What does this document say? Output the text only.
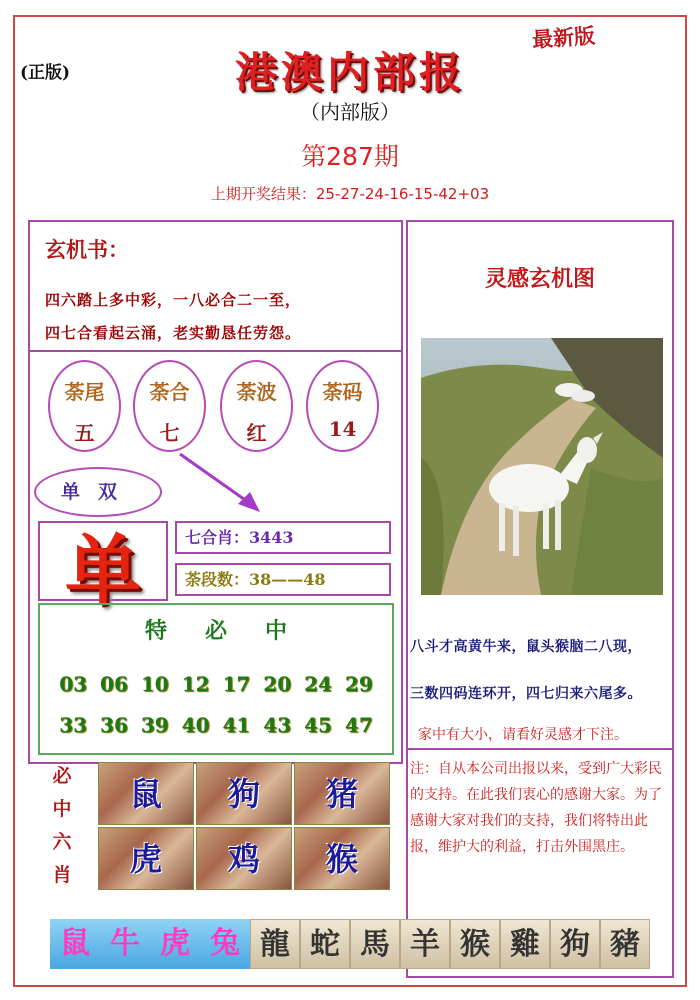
(正版)
最新版
港澳内部报
（内部版）
第287期
上期开奖结果：25-27-24-16-15-42+03
玄机书：
四六踏上多中彩，一八必合二一至，
四七合看起云涌，老实勤恳任劳怨。
荼尾
五
荼合
七
荼波
红
荼码
14
单双
单	七合肖：3443
荼段数：38——48
特必中
03 06 10 12 17 20 24 29
33 36 39 40 41 43 45 47
必
中
六
肖
鼠	狗	猪
虎	鸡	猴
灵感玄机图
八斗才高黄牛来，鼠头猴脑二八现，
三数四码连环开，四七归来六尾多。
家中有大小，请看好灵感才下注。
注：自从本公司出报以来，受到广大彩民的支持。在此我们衷心的感谢大家。为了感谢大家对我们的支持，我们将特出此报，维护大的利益，打击外围黑庄。
鼠 牛 虎 兔 龍 蛇 馬 羊 猴 雞 狗 豬
